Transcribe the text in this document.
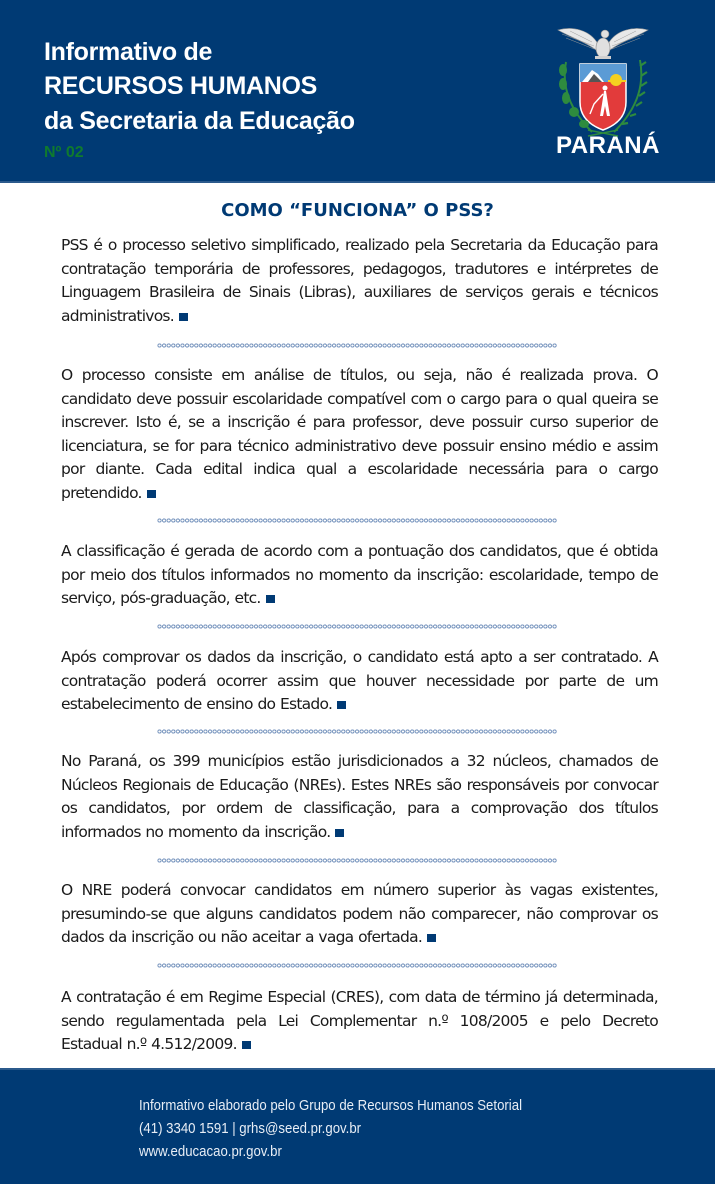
Informativo de
RECURSOS HUMANOS
da Secretaria da Educação
Nº 02	PARANÁ
COMO “FUNCIONA” O PSS?
PSS é o processo seletivo simplificado, realizado pela Secretaria da Educação para contratação temporária de professores, pedagogos, tradutores e intérpretes de Linguagem Brasileira de Sinais (Libras), auxiliares de serviços gerais e técnicos administrativos.
O processo consiste em análise de títulos, ou seja, não é realizada prova. O candidato deve possuir escolaridade compatível com o cargo para o qual queira se inscrever. Isto é, se a inscrição é para professor, deve possuir curso superior de licenciatura, se for para técnico administrativo deve possuir ensino médio e assim por diante. Cada edital indica qual a escolaridade necessária para o cargo pretendido.
A classificação é gerada de acordo com a pontuação dos candidatos, que é obtida por meio dos títulos informados no momento da inscrição: escolaridade, tempo de serviço, pós-graduação, etc.
Após comprovar os dados da inscrição, o candidato está apto a ser contratado. A contratação poderá ocorrer assim que houver necessidade por parte de um estabelecimento de ensino do Estado.
No Paraná, os 399 municípios estão jurisdicionados a 32 núcleos, chamados de Núcleos Regionais de Educação (NREs). Estes NREs são responsáveis por convocar os candidatos, por ordem de classificação, para a comprovação dos títulos informados no momento da inscrição.
O NRE poderá convocar candidatos em número superior às vagas existentes, presumindo-se que alguns candidatos podem não comparecer, não comprovar os dados da inscrição ou não aceitar a vaga ofertada.
A contratação é em Regime Especial (CRES), com data de término já determinada, sendo regulamentada pela Lei Complementar n.º 108/2005 e pelo Decreto Estadual n.º 4.512/2009.
Informativo elaborado pelo Grupo de Recursos Humanos Setorial
(41) 3340 1591 | grhs@seed.pr.gov.br
www.educacao.pr.gov.br
